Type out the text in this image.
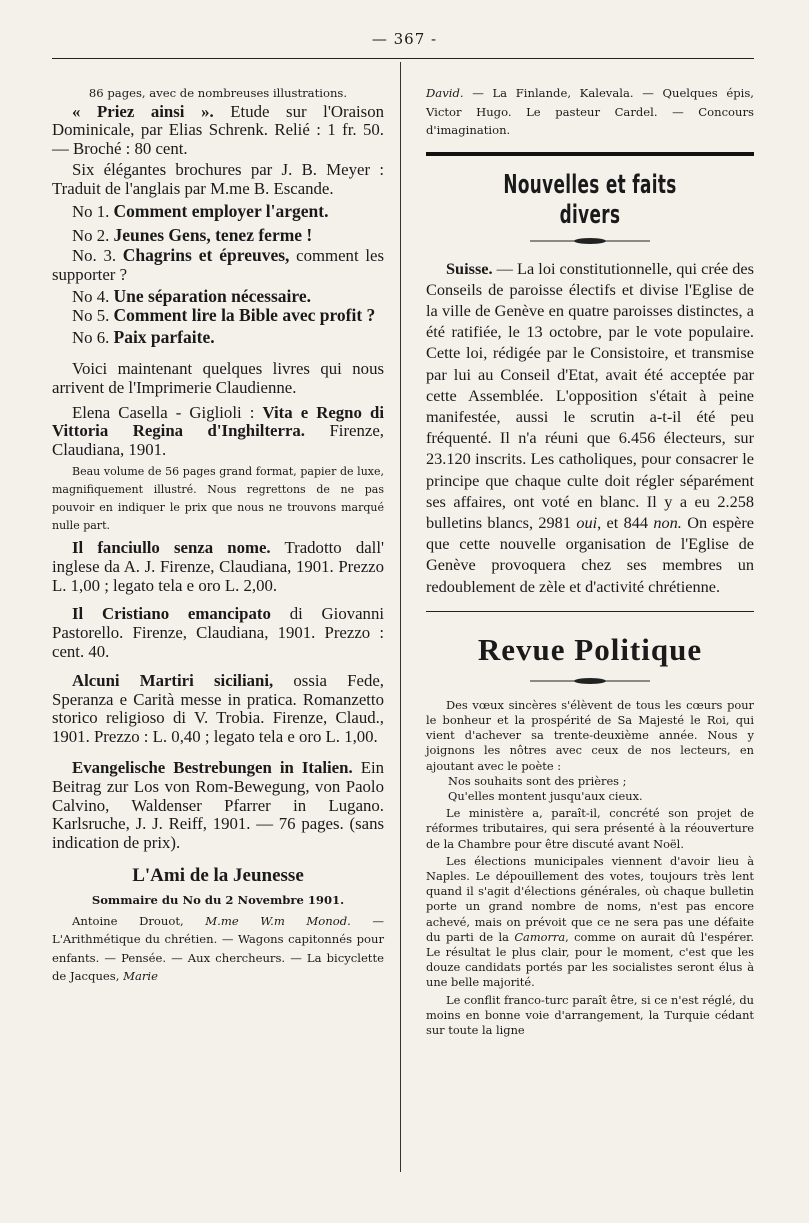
— 367 -

86 pages, avec de nombreuses illustrations.

« Priez ainsi ». Etude sur l'Oraison Dominicale, par Elias Schrenk. Relié : 1 fr. 50. — Broché : 80 cent.

Six élégantes brochures par J. B. Meyer : Traduit de l'anglais par M.me B. Escande.

No 1. Comment employer l'argent.

No 2. Jeunes Gens, tenez ferme !

No. 3. Chagrins et épreuves, comment les supporter ?

No 4. Une séparation nécessaire.

No 5. Comment lire la Bible avec profit ?

No 6. Paix parfaite.

Voici maintenant quelques livres qui nous arrivent de l'Imprimerie Claudienne.

Elena Casella - Giglioli : Vita e Regno di Vittoria Regina d'Inghilterra. Firenze, Claudiana, 1901.

Beau volume de 56 pages grand format, papier de luxe, magnifiquement illustré. Nous regrettons de ne pas pouvoir en indiquer le prix que nous ne trouvons marqué nulle part.

Il fanciullo senza nome. Tradotto dall' inglese da A. J. Firenze, Claudiana, 1901. Prezzo L. 1,00 ; legato tela e oro L. 2,00.

Il Cristiano emancipato di Giovanni Pastorello. Firenze, Claudiana, 1901. Prezzo : cent. 40.

Alcuni Martiri siciliani, ossia Fede, Speranza e Carità messe in pratica. Romanzetto storico religioso di V. Trobia. Firenze, Claud., 1901. Prezzo : L. 0,40 ; legato tela e oro L. 1,00.

Evangelische Bestrebungen in Italien. Ein Beitrag zur Los von Rom-Bewegung, von Paolo Calvino, Waldenser Pfarrer in Lugano. Karlsruche, J. J. Reiff, 1901. — 76 pages. (sans indication de prix).

L'Ami de la Jeunesse

Sommaire du No du 2 Novembre 1901.

Antoine Drouot, M.me W.m Monod. — L'Arithmétique du chrétien. — Wagons capitonnés pour enfants. — Pensée. — Aux chercheurs. — La bicyclette de Jacques, Marie

David. — La Finlande, Kalevala. — Quelques épis, Victor Hugo. Le pasteur Cardel. — Concours d'imagination.

Nouvelles et faits divers

Suisse. — La loi constitutionnelle, qui crée des Conseils de paroisse électifs et divise l'Eglise de la ville de Genève en quatre paroisses distinctes, a été ratifiée, le 13 octobre, par le vote populaire. Cette loi, rédigée par le Consistoire, et transmise par lui au Conseil d'Etat, avait été acceptée par cette Assemblée. L'opposition s'était à peine manifestée, aussi le scrutin a-t-il été peu fréquenté. Il n'a réuni que 6.456 électeurs, sur 23.120 inscrits. Les catholiques, pour consacrer le principe que chaque culte doit régler séparément ses affaires, ont voté en blanc. Il y a eu 2.258 bulletins blancs, 2981 oui, et 844 non. On espère que cette nouvelle organisation de l'Eglise de Genève provoquera chez ses membres un redoublement de zèle et d'activité chrétienne.

Revue Politique

Des vœux sincères s'élèvent de tous les cœurs pour le bonheur et la prospérité de Sa Majesté le Roi, qui vient d'achever sa trente-deuxième année. Nous y joignons les nôtres avec ceux de nos lecteurs, en ajoutant avec le poète :

Nos souhaits sont des prières ;

Qu'elles montent jusqu'aux cieux.

Le ministère a, paraît-il, concrété son projet de réformes tributaires, qui sera présenté à la réouverture de la Chambre pour être discuté avant Noël.

Les élections municipales viennent d'avoir lieu à Naples. Le dépouillement des votes, toujours très lent quand il s'agit d'élections générales, où chaque bulletin porte un grand nombre de noms, n'est pas encore achevé, mais on prévoit que ce ne sera pas une défaite du parti de la Camorra, comme on aurait dû l'espérer. Le résultat le plus clair, pour le moment, c'est que les douze candidats portés par les socialistes seront élus à une belle majorité.

Le conflit franco-turc paraît être, si ce n'est réglé, du moins en bonne voie d'arrangement, la Turquie cédant sur toute la ligne
